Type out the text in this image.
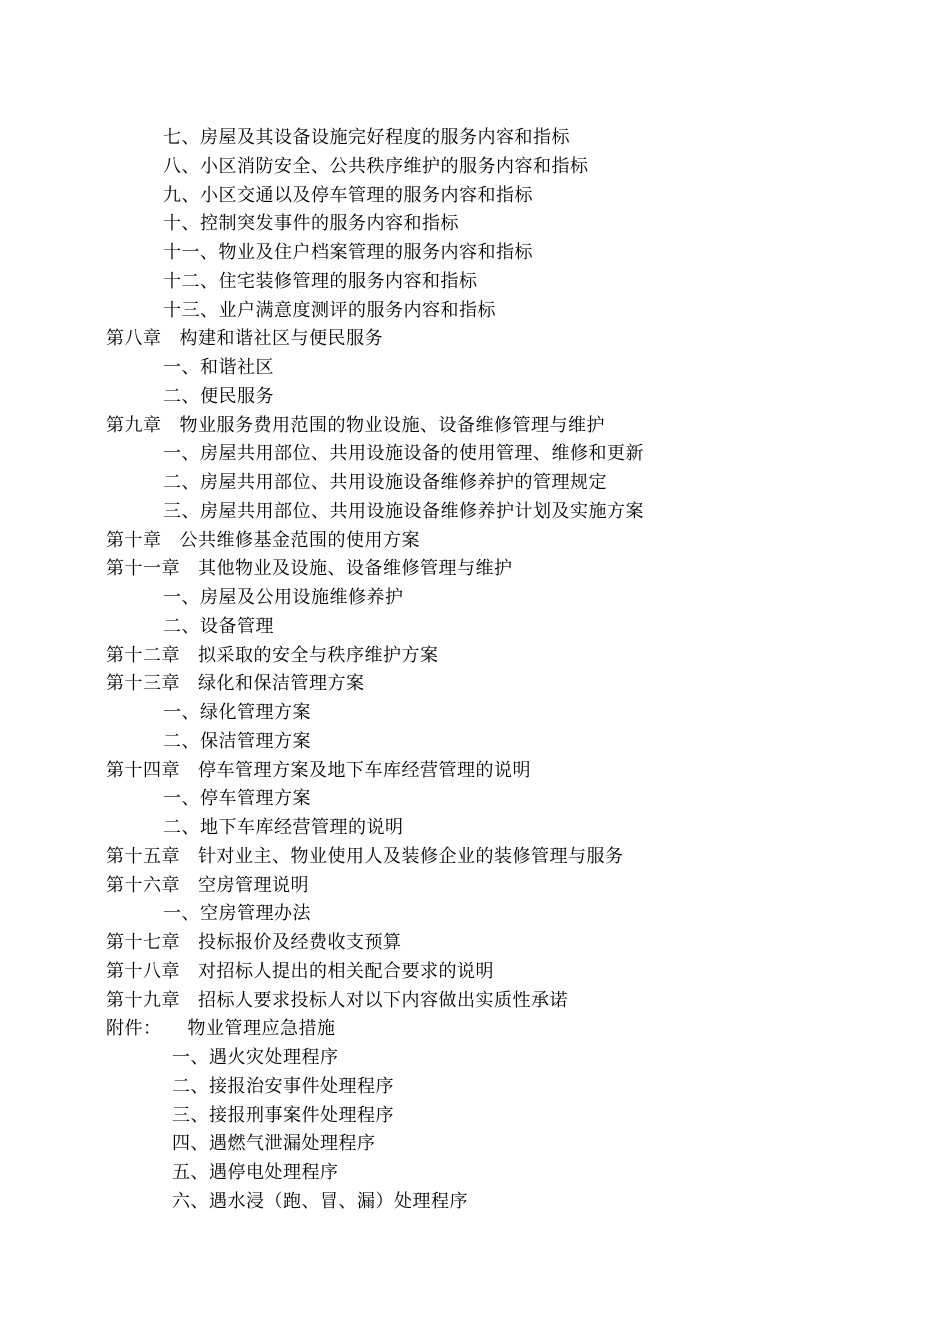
七、房屋及其设备设施完好程度的服务内容和指标
八、小区消防安全、公共秩序维护的服务内容和指标
九、小区交通以及停车管理的服务内容和指标
十、控制突发事件的服务内容和指标
十一、物业及住户档案管理的服务内容和指标
十二、住宅装修管理的服务内容和指标
十三、业户满意度测评的服务内容和指标
第八章 构建和谐社区与便民服务
一、和谐社区
二、便民服务
第九章 物业服务费用范围的物业设施、设备维修管理与维护
一、房屋共用部位、共用设施设备的使用管理、维修和更新
二、房屋共用部位、共用设施设备维修养护的管理规定
三、房屋共用部位、共用设施设备维修养护计划及实施方案
第十章 公共维修基金范围的使用方案
第十一章 其他物业及设施、设备维修管理与维护
一、房屋及公用设施维修养护
二、设备管理
第十二章 拟采取的安全与秩序维护方案
第十三章 绿化和保洁管理方案
一、绿化管理方案
二、保洁管理方案
第十四章 停车管理方案及地下车库经营管理的说明
一、停车管理方案
二、地下车库经营管理的说明
第十五章 针对业主、物业使用人及装修企业的装修管理与服务
第十六章 空房管理说明
一、空房管理办法
第十七章 投标报价及经费收支预算
第十八章 对招标人提出的相关配合要求的说明
第十九章 招标人要求投标人对以下内容做出实质性承诺
附件： 物业管理应急措施
一、遇火灾处理程序
二、接报治安事件处理程序
三、接报刑事案件处理程序
四、遇燃气泄漏处理程序
五、遇停电处理程序
六、遇水浸（跑、冒、漏）处理程序
